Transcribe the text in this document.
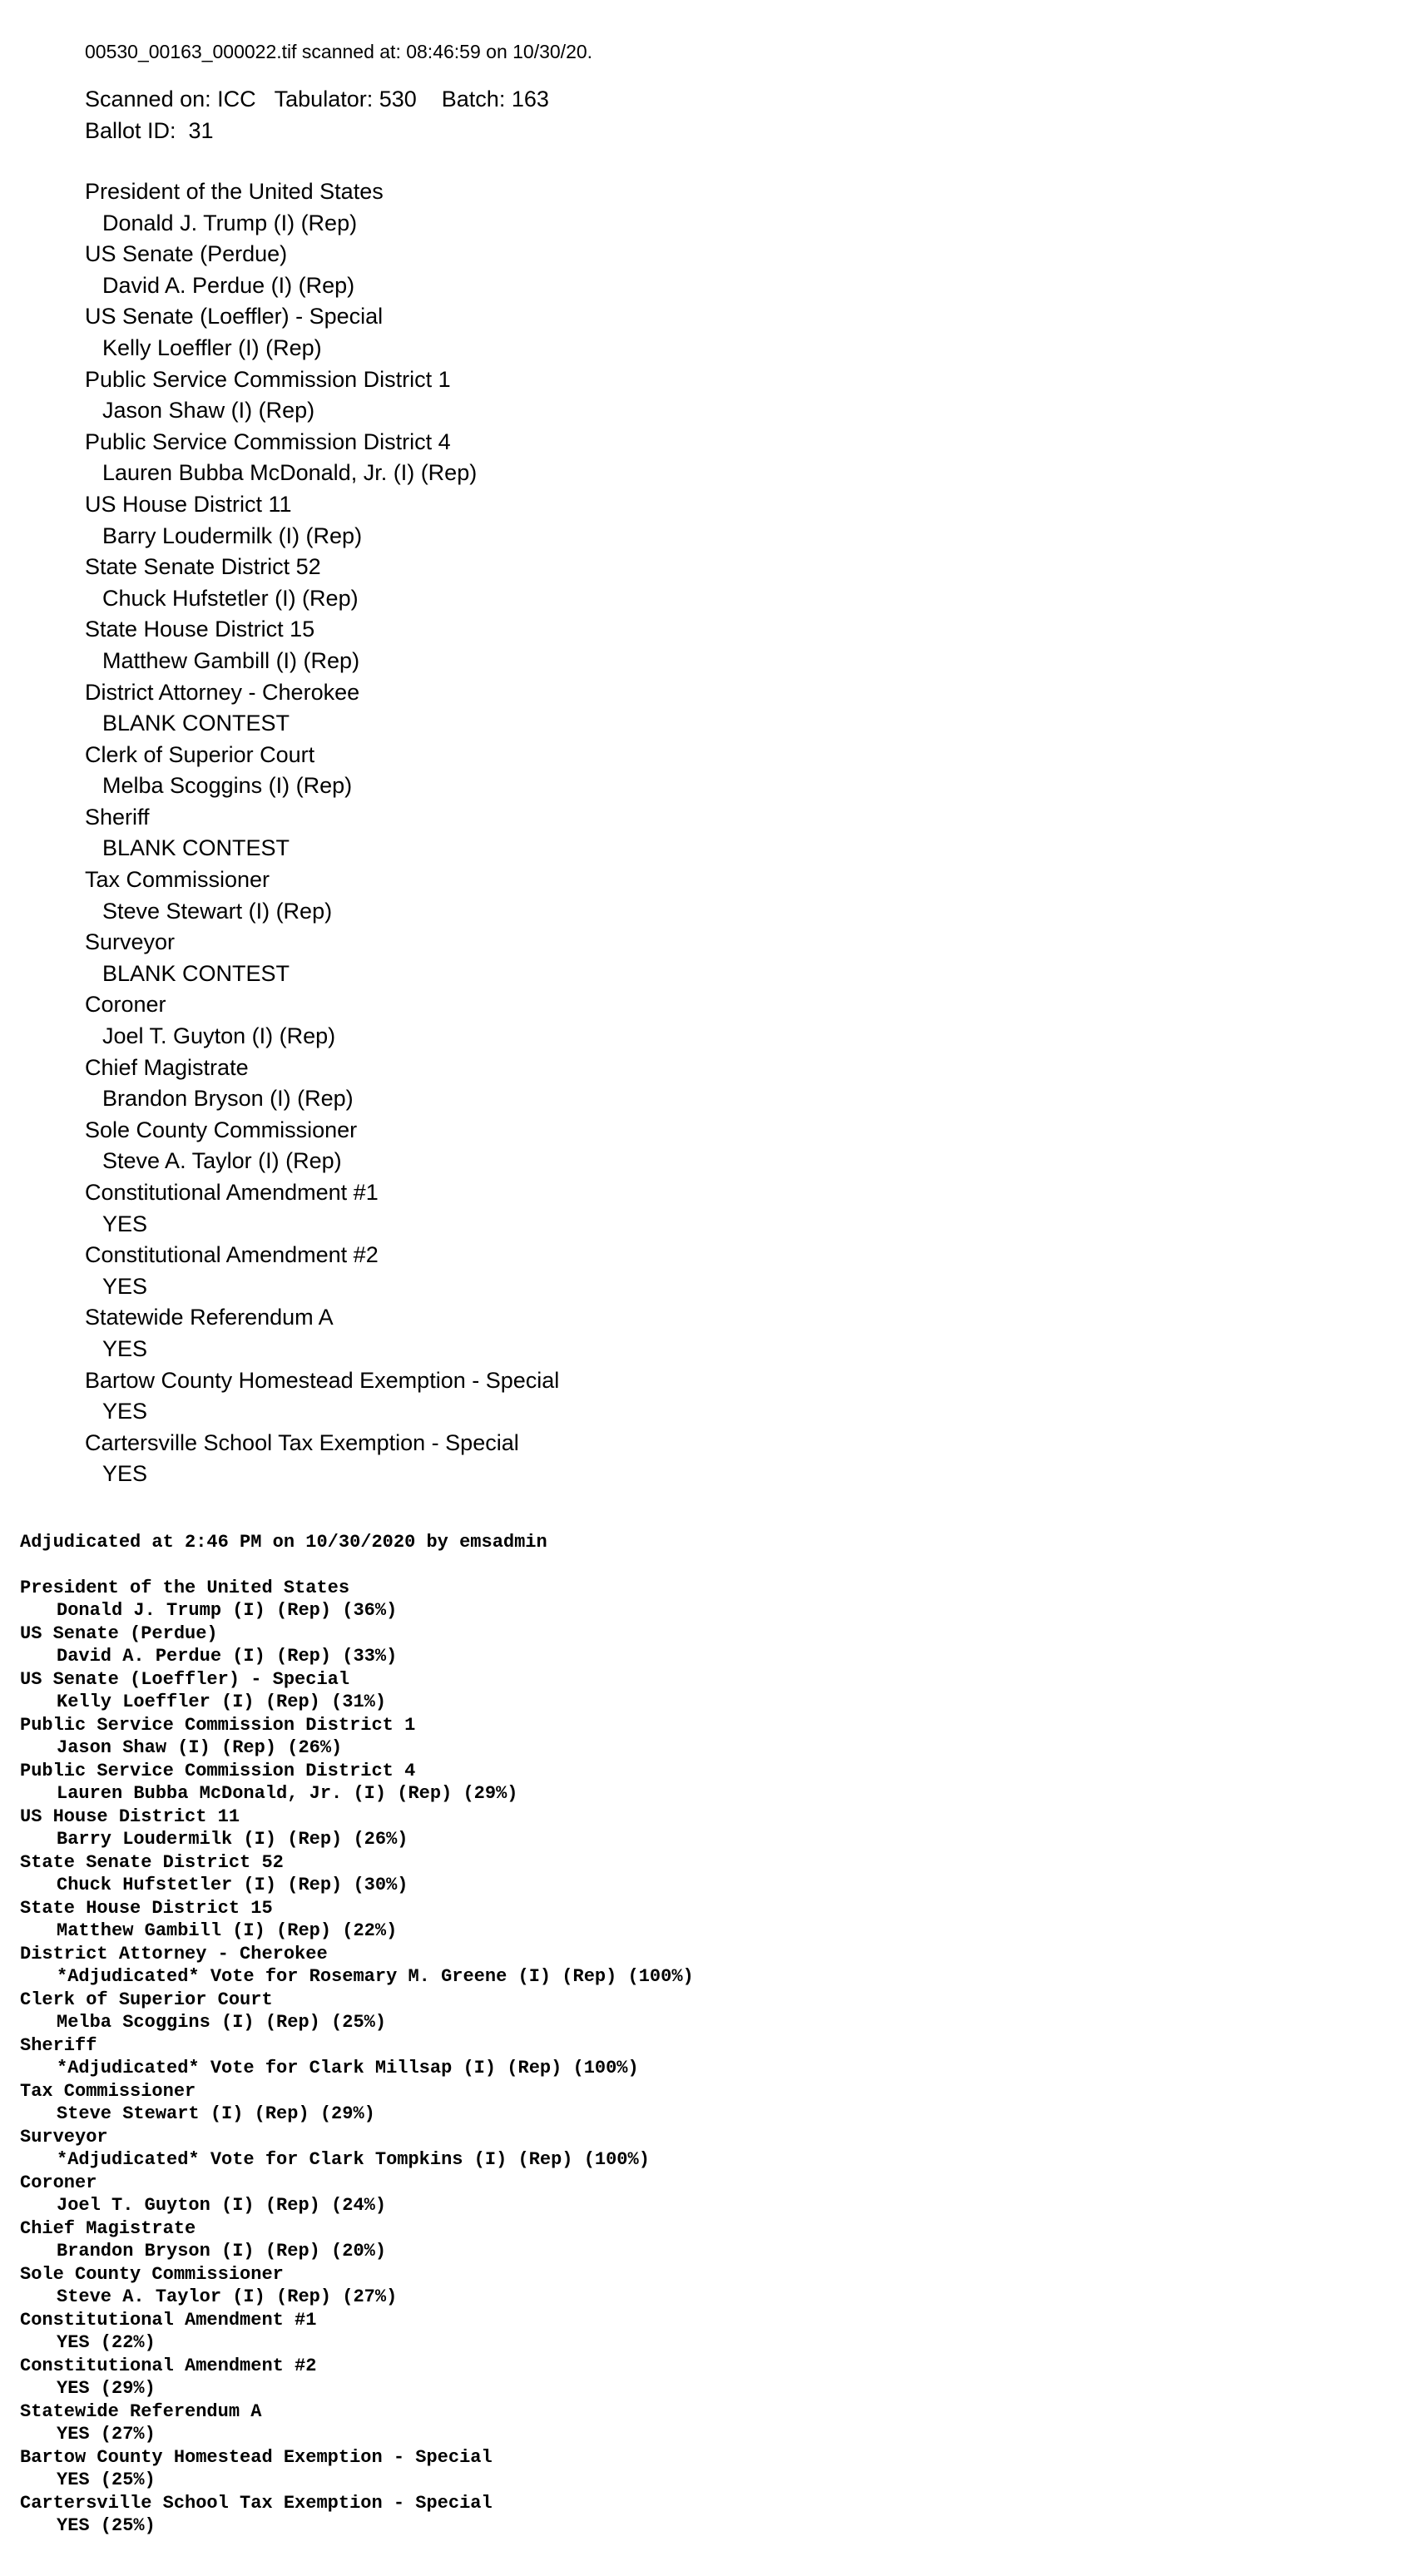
00530_00163_000022.tif scanned at: 08:46:59 on 10/30/20.
Scanned on: ICC   Tabulator: 530    Batch: 163
Ballot ID:  31
President of the United States
Donald J. Trump (I) (Rep)
US Senate (Perdue)
David A. Perdue (I) (Rep)
US Senate (Loeffler) - Special
Kelly Loeffler (I) (Rep)
Public Service Commission District 1
Jason Shaw (I) (Rep)
Public Service Commission District 4
Lauren Bubba McDonald, Jr. (I) (Rep)
US House District 11
Barry Loudermilk (I) (Rep)
State Senate District 52
Chuck Hufstetler (I) (Rep)
State House District 15
Matthew Gambill (I) (Rep)
District Attorney - Cherokee
BLANK CONTEST
Clerk of Superior Court
Melba Scoggins (I) (Rep)
Sheriff
BLANK CONTEST
Tax Commissioner
Steve Stewart (I) (Rep)
Surveyor
BLANK CONTEST
Coroner
Joel T. Guyton (I) (Rep)
Chief Magistrate
Brandon Bryson (I) (Rep)
Sole County Commissioner
Steve A. Taylor (I) (Rep)
Constitutional Amendment #1
YES
Constitutional Amendment #2
YES
Statewide Referendum A
YES
Bartow County Homestead Exemption - Special
YES
Cartersville School Tax Exemption - Special
YES
Adjudicated at 2:46 PM on 10/30/2020 by emsadmin
President of the United States
Donald J. Trump (I) (Rep) (36%)
US Senate (Perdue)
David A. Perdue (I) (Rep) (33%)
US Senate (Loeffler) - Special
Kelly Loeffler (I) (Rep) (31%)
Public Service Commission District 1
Jason Shaw (I) (Rep) (26%)
Public Service Commission District 4
Lauren Bubba McDonald, Jr. (I) (Rep) (29%)
US House District 11
Barry Loudermilk (I) (Rep) (26%)
State Senate District 52
Chuck Hufstetler (I) (Rep) (30%)
State House District 15
Matthew Gambill (I) (Rep) (22%)
District Attorney - Cherokee
*Adjudicated* Vote for Rosemary M. Greene (I) (Rep) (100%)
Clerk of Superior Court
Melba Scoggins (I) (Rep) (25%)
Sheriff
*Adjudicated* Vote for Clark Millsap (I) (Rep) (100%)
Tax Commissioner
Steve Stewart (I) (Rep) (29%)
Surveyor
*Adjudicated* Vote for Clark Tompkins (I) (Rep) (100%)
Coroner
Joel T. Guyton (I) (Rep) (24%)
Chief Magistrate
Brandon Bryson (I) (Rep) (20%)
Sole County Commissioner
Steve A. Taylor (I) (Rep) (27%)
Constitutional Amendment #1
YES (22%)
Constitutional Amendment #2
YES (29%)
Statewide Referendum A
YES (27%)
Bartow County Homestead Exemption - Special
YES (25%)
Cartersville School Tax Exemption - Special
YES (25%)
